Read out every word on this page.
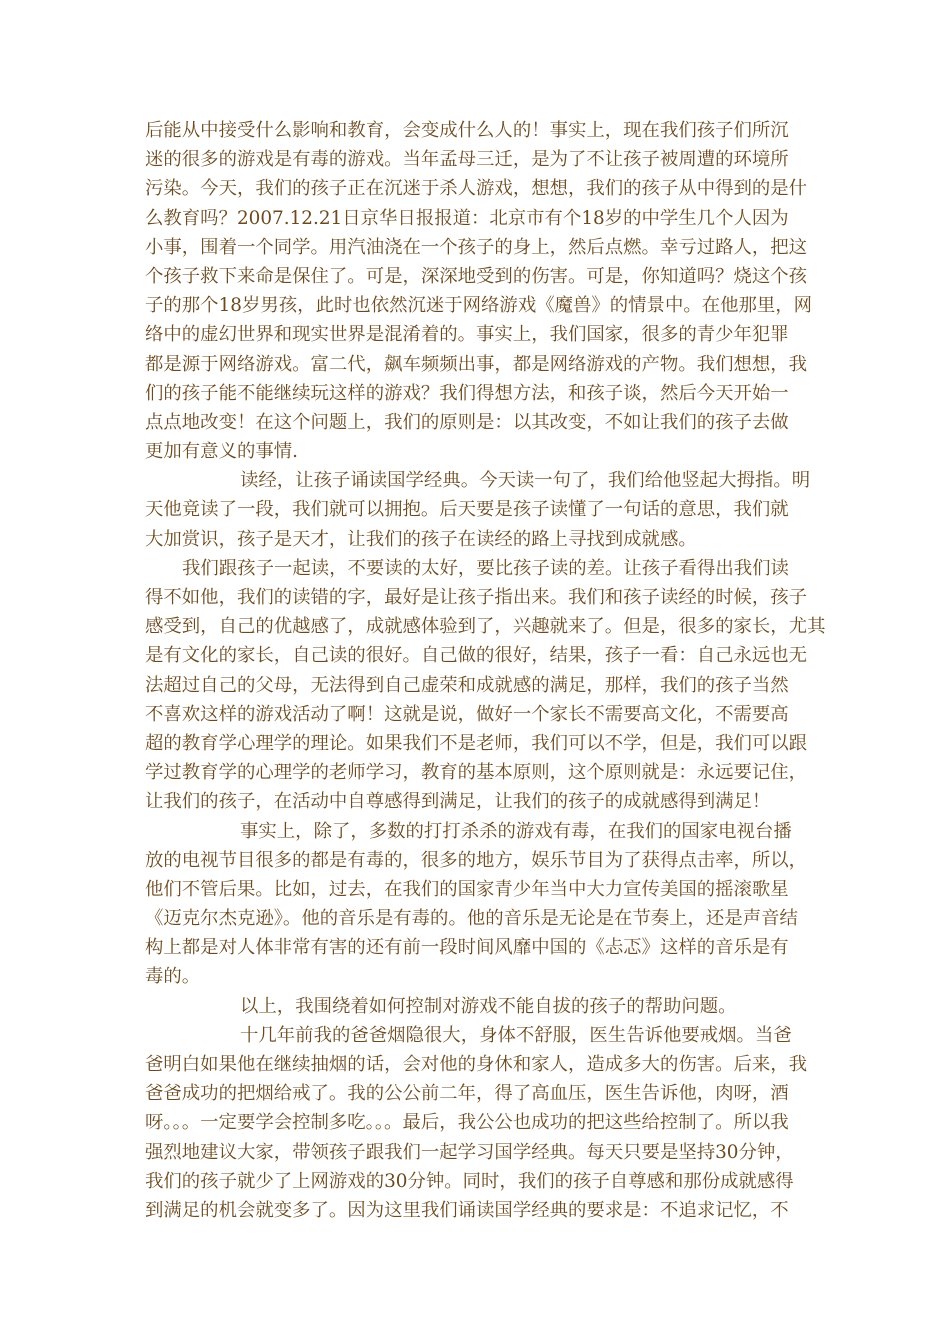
后能从中接受什么影响和教育，会变成什么人的！事实上，现在我们孩子们所沉
迷的很多的游戏是有毒的游戏。当年孟母三迁，是为了不让孩子被周遭的环境所
污染。今天，我们的孩子正在沉迷于杀人游戏，想想，我们的孩子从中得到的是什
么教育吗？2007.12.21日京华日报报道：北京市有个18岁的中学生几个人因为
小事，围着一个同学。用汽油浇在一个孩子的身上，然后点燃。幸亏过路人，把这
个孩子救下来命是保住了。可是，深深地受到的伤害。可是，你知道吗？烧这个孩
子的那个18岁男孩，此时也依然沉迷于网络游戏《魔兽》的情景中。在他那里，网
络中的虚幻世界和现实世界是混淆着的。事实上，我们国家，很多的青少年犯罪
都是源于网络游戏。富二代，飙车频频出事，都是网络游戏的产物。我们想想，我
们的孩子能不能继续玩这样的游戏？我们得想方法，和孩子谈，然后今天开始一
点点地改变！在这个问题上，我们的原则是：以其改变，不如让我们的孩子去做
更加有意义的事情.
读经，让孩子诵读国学经典。今天读一句了，我们给他竖起大拇指。明
天他竟读了一段，我们就可以拥抱。后天要是孩子读懂了一句话的意思，我们就
大加赏识，孩子是天才，让我们的孩子在读经的路上寻找到成就感。
我们跟孩子一起读，不要读的太好，要比孩子读的差。让孩子看得出我们读
得不如他，我们的读错的字，最好是让孩子指出来。我们和孩子读经的时候，孩子
感受到，自己的优越感了，成就感体验到了，兴趣就来了。但是，很多的家长，尤其
是有文化的家长，自己读的很好。自己做的很好，结果，孩子一看：自己永远也无
法超过自己的父母，无法得到自己虚荣和成就感的满足，那样，我们的孩子当然
不喜欢这样的游戏活动了啊！这就是说，做好一个家长不需要高文化，不需要高
超的教育学心理学的理论。如果我们不是老师，我们可以不学，但是，我们可以跟
学过教育学的心理学的老师学习，教育的基本原则，这个原则就是：永远要记住，
让我们的孩子，在活动中自尊感得到满足，让我们的孩子的成就感得到满足！
事实上，除了，多数的打打杀杀的游戏有毒，在我们的国家电视台播
放的电视节目很多的都是有毒的，很多的地方，娱乐节目为了获得点击率，所以，
他们不管后果。比如，过去，在我们的国家青少年当中大力宣传美国的摇滚歌星
《迈克尔杰克逊》。他的音乐是有毒的。他的音乐是无论是在节奏上，还是声音结
构上都是对人体非常有害的还有前一段时间风靡中国的《忐忑》这样的音乐是有
毒的。
以上，我围绕着如何控制对游戏不能自拔的孩子的帮助问题。
十几年前我的爸爸烟隐很大，身体不舒服，医生告诉他要戒烟。当爸
爸明白如果他在继续抽烟的话，会对他的身休和家人，造成多大的伤害。后来，我
爸爸成功的把烟给戒了。我的公公前二年，得了高血压，医生告诉他，肉呀，酒
呀。。。一定要学会控制多吃。。。最后，我公公也成功的把这些给控制了。所以我
强烈地建议大家，带领孩子跟我们一起学习国学经典。每天只要是坚持30分钟，
我们的孩子就少了上网游戏的30分钟。同时，我们的孩子自尊感和那份成就感得
到满足的机会就变多了。因为这里我们诵读国学经典的要求是：不追求记忆，不
